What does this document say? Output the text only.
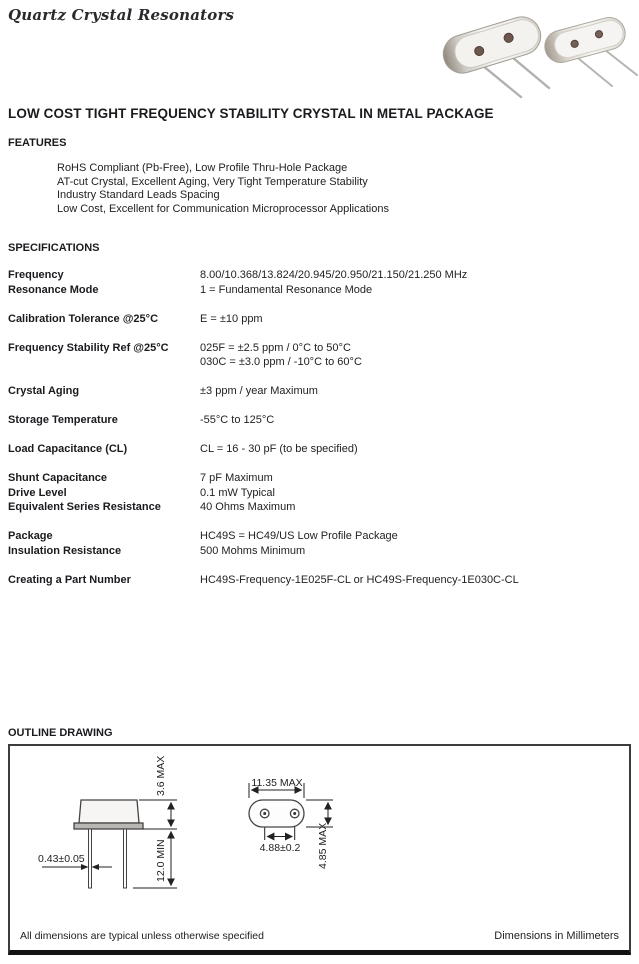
Quartz Crystal Resonators
LOW COST TIGHT FREQUENCY STABILITY CRYSTAL IN METAL PACKAGE
FEATURES
RoHS Compliant (Pb-Free), Low Profile Thru-Hole Package
AT-cut Crystal, Excellent Aging, Very Tight Temperature Stability
Industry Standard Leads Spacing
Low Cost, Excellent for Communication Microprocessor Applications
SPECIFICATIONS
Frequency	8.00/10.368/13.824/20.945/20.950/21.150/21.250 MHz
Resonance Mode	1 = Fundamental Resonance Mode
Calibration Tolerance @25°C	E = ±10 ppm
Frequency Stability Ref @25°C	025F = ±2.5 ppm / 0°C to 50°C
030C = ±3.0 ppm / -10°C to 60°C
Crystal Aging	±3 ppm / year Maximum
Storage Temperature	-55°C to 125°C
Load Capacitance (CL)	CL = 16 - 30 pF (to be specified)
Shunt Capacitance	7 pF Maximum
Drive Level	0.1 mW Typical
Equivalent Series Resistance	40 Ohms Maximum
Package	HC49S = HC49/US Low Profile Package
Insulation Resistance	500 Mohms Minimum
Creating a Part Number	HC49S-Frequency-1E025F-CL or HC49S-Frequency-1E030C-CL
OUTLINE DRAWING
3.6 MAX
12.0 MIN
0.43±0.05
11.35 MAX
4.88±0.2 4.85 MAX
All dimensions are typical unless otherwise specified	Dimensions in Millimeters
